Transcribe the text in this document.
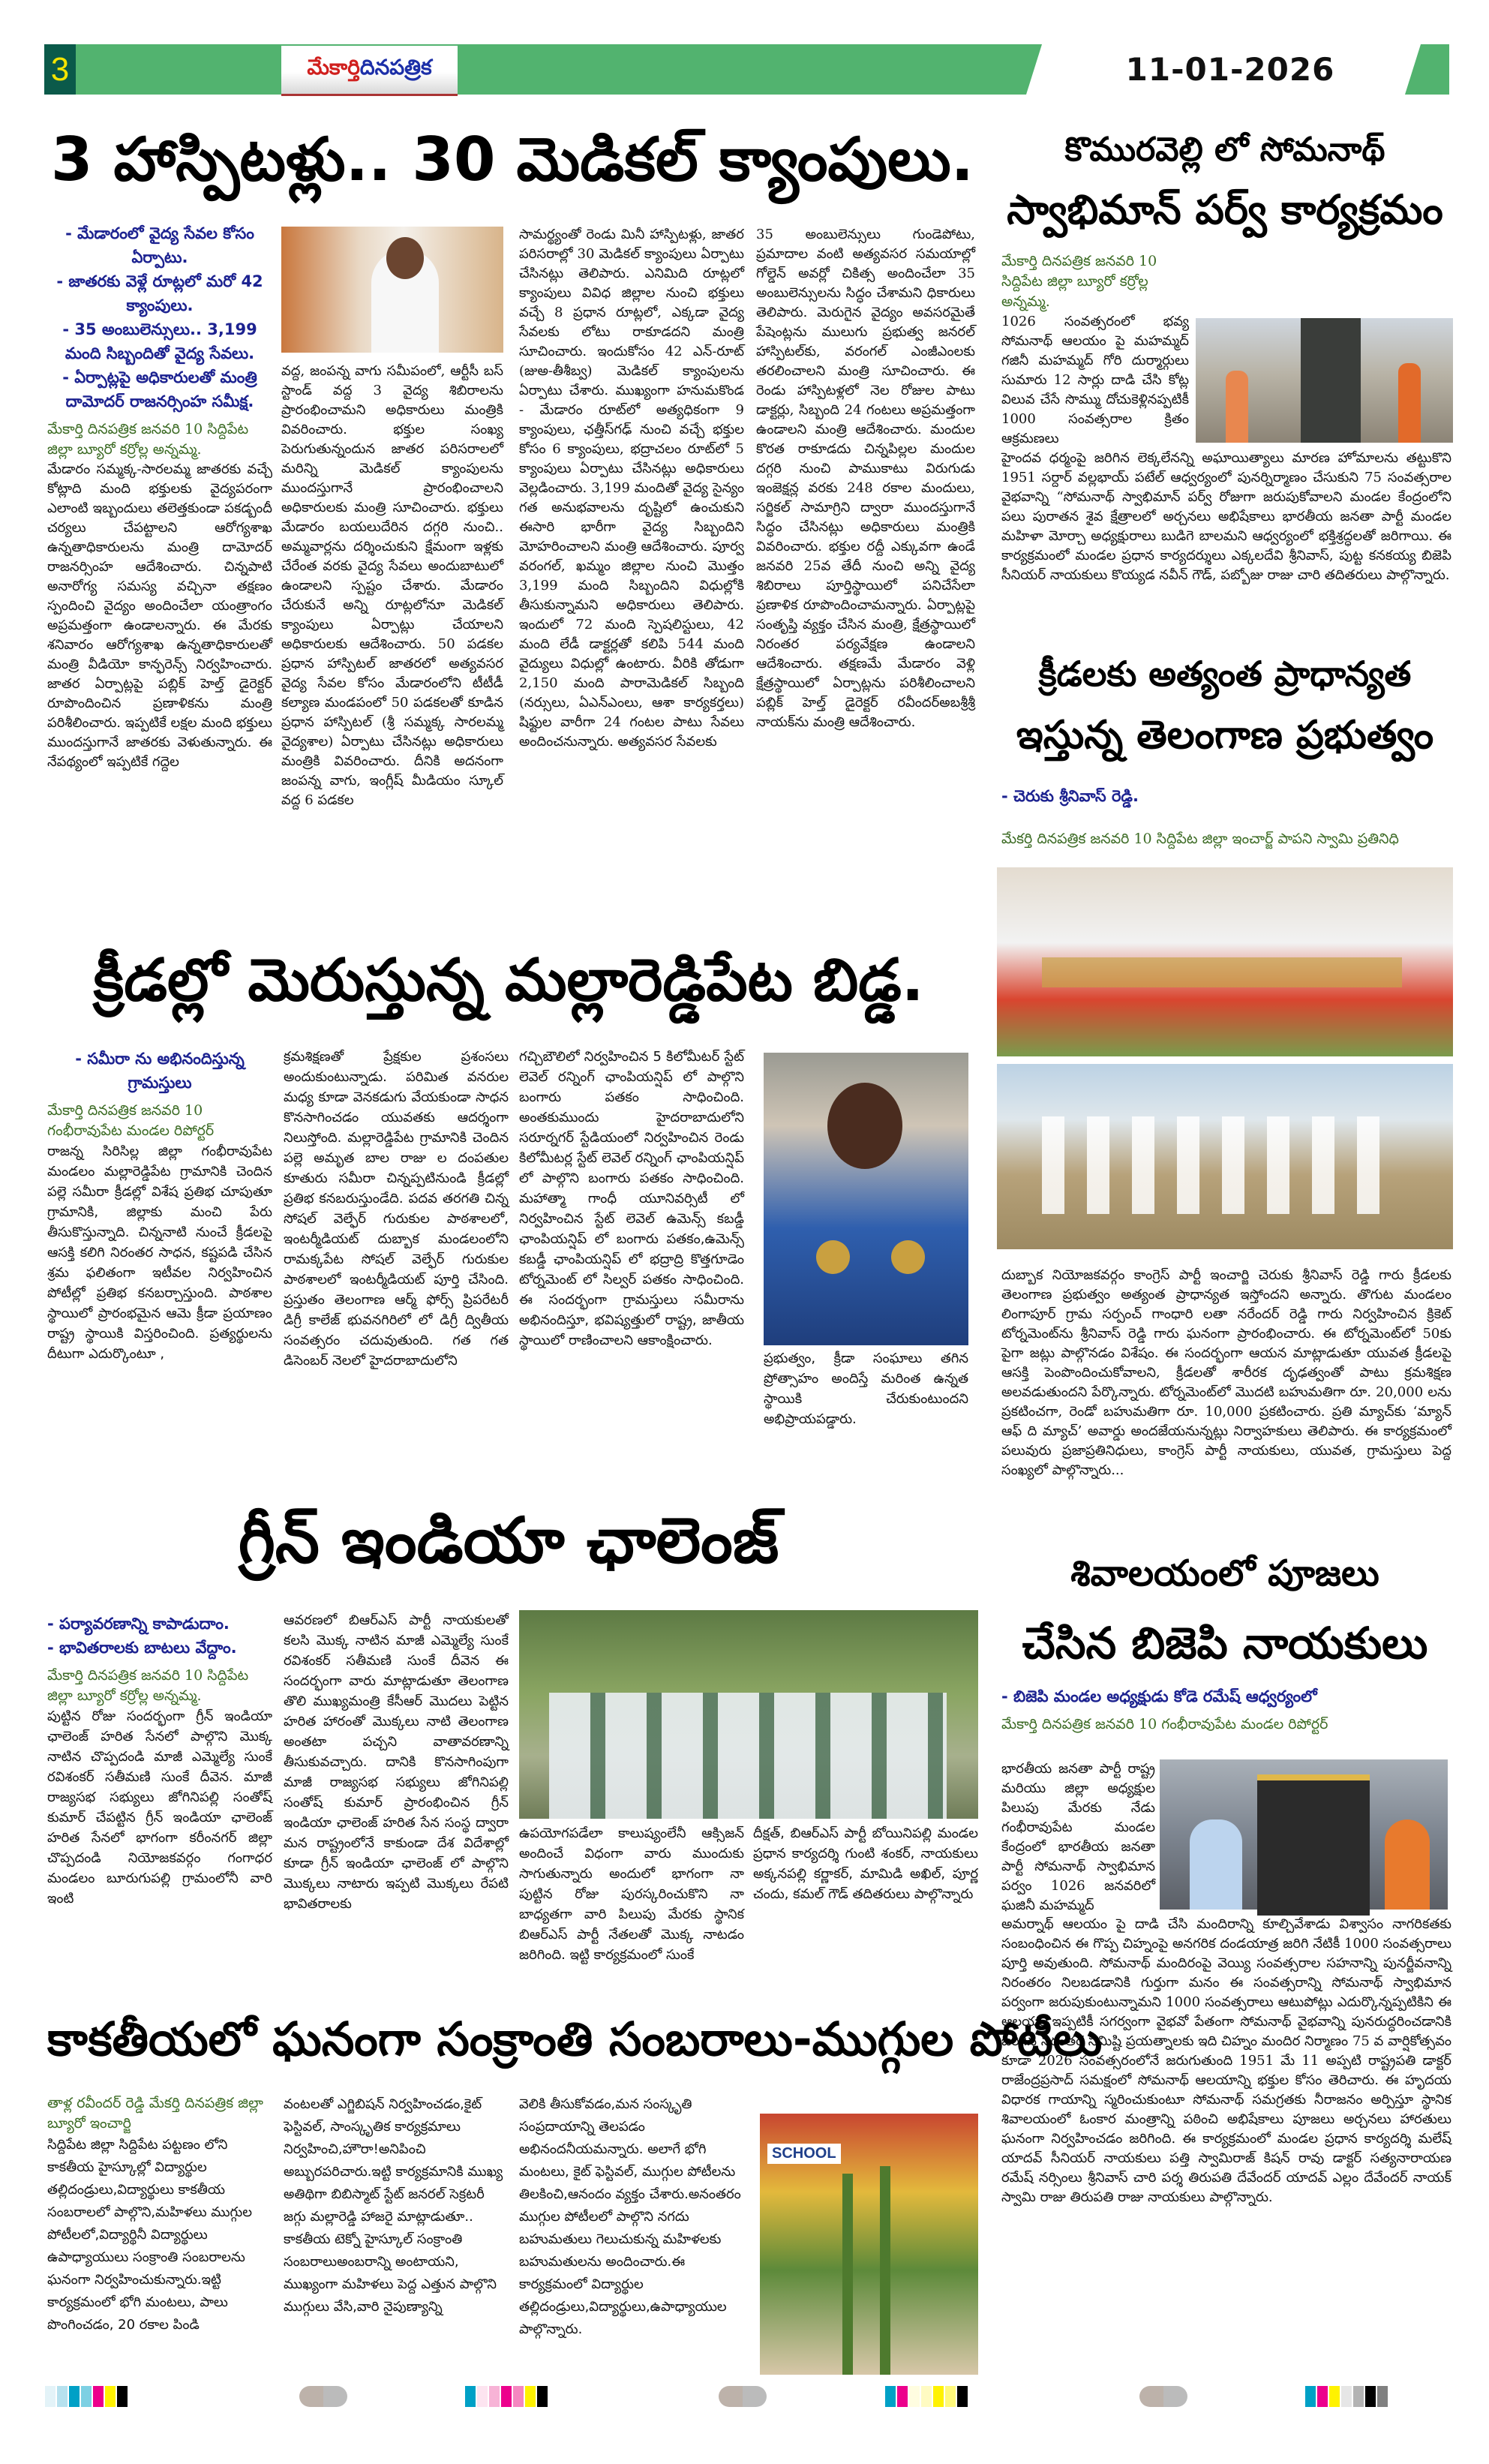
3	మేకార్తి దినపత్రిక	11-01-2026
3 హాస్పిటళ్లు.. 30 మెడికల్ క్యాంపులు.
- మేడారంలో వైద్య సేవల కోసం ఏర్పాటు.
- జాతరకు వెళ్లే రూట్లలో మరో 42 క్యాంపులు.
- 35 అంబులెన్సులు.. 3,199 మంది సిబ్బందితో వైద్య సేవలు.
- ఏర్పాట్లపై అధికారులతో మంత్రి దామోదర్ రాజనర్సింహ సమీక్ష.
మేకార్తి దినపత్రిక జనవరి 10 సిద్దిపేట జిల్లా బ్యూరో కర్రోల్ల అన్నమ్మ.
మేడారం సమ్మక్క-సారలమ్మ జాతరకు వచ్చే కోట్లాది మంది భక్తులకు వైద్యపరంగా ఎలాంటి ఇబ్బందులు తలెత్తకుండా పకడ్బందీ చర్యలు చేపట్టాలని ఆరోగ్యశాఖ ఉన్నతాధికారులను మంత్రి దామోదర్ రాజనర్సింహ ఆదేశించారు. చిన్నపాటి అనారోగ్య సమస్య వచ్చినా తక్షణం స్పందించి వైద్యం అందించేలా యంత్రాంగం అప్రమత్తంగా ఉండాలన్నారు. ఈ మేరకు శనివారం ఆరోగ్యశాఖ ఉన్నతాధికారులతో మంత్రి వీడియో కాన్ఫరెన్స్ నిర్వహించారు. జాతర ఏర్పాట్లపై పబ్లిక్ హెల్త్ డైరెక్టర్ రూపొందించిన ప్రణాళికను మంత్రి పరిశీలించారు. ఇప్పటికే లక్షల మంది భక్తులు ముందస్తుగానే జాతరకు వెళుతున్నారు. ఈ నేపథ్యంలో ఇప్పటికే గద్దెల
వద్ద, జంపన్న వాగు సమీపంలో, ఆర్టీసీ బస్ స్టాండ్ వద్ద 3 వైద్య శిబిరాలను ప్రారంభించామని అధికారులు మంత్రికి వివరించారు. భక్తుల సంఖ్య పెరుగుతున్నందున జాతర పరిసరాలలో మరిన్ని మెడికల్ క్యాంపులను ముందస్తుగానే ప్రారంభించాలని అధికారులకు మంత్రి సూచించారు. భక్తులు మేడారం బయలుదేరిన దగ్గరి నుంచి.. అమ్మవార్లను దర్శించుకుని క్షేమంగా ఇళ్లకు చేరేంత వరకు వైద్య సేవలు అందుబాటులో ఉండాలని స్పష్టం చేశారు. మేడారం చేరుకునే అన్ని రూట్లలోనూ మెడికల్ క్యాంపులు ఏర్పాట్లు చేయాలని అధికారులకు ఆదేశించారు. 50 పడకల ప్రధాన హాస్పిటల్ జాతరలో అత్యవసర వైద్య సేవల కోసం మేడారంలోని టీటీడీ కల్యాణ మండపంలో 50 పడకలతో కూడిన ప్రధాన హాస్పిటల్ (శ్రీ సమ్మక్క సారలమ్మ వైద్యశాల) ఏర్పాటు చేసినట్లు అధికారులు మంత్రికి వివరించారు. దీనికి అదనంగా జంపన్న వాగు, ఇంగ్లీష్ మీడియం స్కూల్ వద్ద 6 పడకల
సామర్థ్యంతో రెండు మినీ హాస్పిటళ్లు, జాతర పరిసరాల్లో 30 మెడికల్ క్యాంపులు ఏర్పాటు చేసినట్లు తెలిపారు. ఎనిమిది రూట్లలో క్యాంపులు వివిధ జిల్లాల నుంచి భక్తులు వచ్చే 8 ప్రధాన రూట్లలో, ఎక్కడా వైద్య సేవలకు లోటు రాకూడదని మంత్రి సూచించారు. ఇందుకోసం 42 ఎన్-రూట్ (జుఅ-తీశీబ్వ) మెడికల్ క్యాంపులను ఏర్పాటు చేశారు. ముఖ్యంగా హనుమకొండ - మేడారం రూట్‌లో అత్యధికంగా 9 క్యాంపులు, ఛత్తీస్‌గఢ్ నుంచి వచ్చే భక్తుల కోసం 6 క్యాంపులు, భద్రాచలం రూట్‌లో 5 క్యాంపులు ఏర్పాటు చేసినట్లు అధికారులు వెల్లడించారు. 3,199 మందితో వైద్య సైన్యం గత అనుభవాలను దృష్టిలో ఉంచుకుని ఈసారి భారీగా వైద్య సిబ్బందిని మోహరించాలని మంత్రి ఆదేశించారు. పూర్వ వరంగల్, ఖమ్మం జిల్లాల నుంచి మొత్తం 3,199 మంది సిబ్బందిని విధుల్లోకి తీసుకున్నామని అధికారులు తెలిపారు. ఇందులో 72 మంది స్పెషలిస్టులు, 42 మంది లేడీ డాక్టర్లతో కలిపి 544 మంది వైద్యులు విధుల్లో ఉంటారు. వీరికి తోడుగా 2,150 మంది పారామెడికల్ సిబ్బంది (నర్సులు, ఏఎన్ఎంలు, ఆశా కార్యకర్తలు) షిఫ్టుల వారీగా 24 గంటల పాటు సేవలు అందించనున్నారు. అత్యవసర సేవలకు
35 అంబులెన్సులు గుండెపోటు, ప్రమాదాల వంటి అత్యవసర సమయాల్లో గోల్డెన్ అవర్లో చికిత్స అందించేలా 35 అంబులెన్సులను సిద్ధం చేశామని ధికారులు తెలిపారు. మెరుగైన వైద్యం అవసరమైతే పేషెంట్లను ములుగు ప్రభుత్వ జనరల్ హాస్పిటల్‌కు, వరంగల్ ఎంజీఎంలకు తరలించాలని మంత్రి సూచించారు. ఈ రెండు హాస్పిటళ్లలో నెల రోజుల పాటు డాక్టర్లు, సిబ్బంది 24 గంటలు అప్రమత్తంగా ఉండాలని మంత్రి ఆదేశించారు. మందుల కొరత రాకూడదు చిన్నపిల్లల మందుల దగ్గరి నుంచి పాముకాటు విరుగుడు ఇంజెక్షన్ల వరకు 248 రకాల మందులు, సర్జికల్ సామాగ్రిని ద్వారా ముందస్తుగానే సిద్ధం చేసినట్లు అధికారులు మంత్రికి వివరించారు. భక్తుల రద్దీ ఎక్కువగా ఉండే జనవరి 25వ తేదీ నుంచి అన్ని వైద్య శిబిరాలు పూర్తిస్థాయిలో పనిచేసేలా ప్రణాళిక రూపొందించామన్నారు. ఏర్పాట్లపై సంతృప్తి వ్యక్తం చేసిన మంత్రి, క్షేత్రస్థాయిలో నిరంతర పర్యవేక్షణ ఉండాలని ఆదేశించారు. తక్షణమే మేడారం వెళ్లి క్షేత్రస్థాయిలో ఏర్పాట్లను పరిశీలించాలని పబ్లిక్ హెల్త్ డైరెక్టర్ రవీందర్అబశ్రీశ్రీ నాయక్‌ను మంత్రి ఆదేశించారు.
కొమురవెల్లి లో సోమనాథ్
స్వాభిమాన్ పర్వ్ కార్యక్రమం
మేకార్తి దినపత్రిక జనవరి 10 సిద్దిపేట జిల్లా బ్యూరో కర్రోల్ల అన్నమ్మ.
1026 సంవత్సరంలో భవ్య సోమనాథ్ ఆలయం పై మహమ్మద్ గజినీ మహమ్మద్ గోరి దుర్మార్గులు సుమారు 12 సార్లు దాడి చేసి కోట్ల విలువ చేసే సొమ్ము దోచుకెళ్లినప్పటికీ 1000 సంవత్సరాల క్రితం ఆక్రమణలు
హైందవ ధర్మంపై జరిగిన లెక్కలేనన్ని అఘాయిత్యాలు మారణ హోమాలను తట్టుకొని 1951 సర్దార్ వల్లభాయ్ పటేల్ ఆధ్వర్యంలో పునర్నిర్మాణం చేసుకుని 75 సంవత్సరాల వైభవాన్ని “సోమనాథ్ స్వాభిమాన్ పర్వ్ రోజుగా జరుపుకోవాలని మండల కేంద్రంలోని పలు పురాతన శైవ క్షేత్రాలలో అర్చనలు అభిషేకాలు భారతీయ జనతా పార్టీ మండల మహిళా మోర్చా అధ్యక్షురాలు బుడిగె బాలమని ఆధ్వర్యంలో భక్తిశ్రద్ధలతో జరిగాయి. ఈ కార్యక్రమంలో మండల ప్రధాన కార్యదర్శులు ఎక్కలదేవి శ్రీనివాస్, పుట్ట కనకయ్య బిజెపి సీనియర్ నాయకులు కొయ్యడ నవీన్ గౌడ్, పబ్బోజు రాజు చారి తదితరులు పాల్గొన్నారు.
క్రీడలకు అత్యంత ప్రాధాన్యత
ఇస్తున్న తెలంగాణ ప్రభుత్వం
- చెరుకు శ్రీనివాస్ రెడ్డి.
మేకర్తి దినపత్రిక జనవరి 10 సిద్దిపేట జిల్లా ఇంచార్జ్ పాపని స్వామి ప్రతినిధి
దుబ్బాక నియోజకవర్గం కాంగ్రెస్ పార్టీ ఇంచార్జి చెరుకు శ్రీనివాస్ రెడ్డి గారు క్రీడలకు తెలంగాణ ప్రభుత్వం అత్యంత ప్రాధాన్యత ఇస్తోందని అన్నారు. తొగుట మండలం లింగాపూర్ గ్రామ సర్పంచ్ గాంధారి లతా నరేందర్ రెడ్డి గారు నిర్వహించిన క్రికెట్ టోర్నమెంట్‌ను శ్రీనివాస్ రెడ్డి గారు ఘనంగా ప్రారంభించారు. ఈ టోర్నమెంట్‌లో 50కు పైగా జట్లు పాల్గొనడం విశేషం. ఈ సందర్భంగా ఆయన మాట్లాడుతూ యువత క్రీడలపై ఆసక్తి పెంపొందించుకోవాలని, క్రీడలతో శారీరక దృఢత్వంతో పాటు క్రమశిక్షణ అలవడుతుందని పేర్కొన్నారు. టోర్నమెంట్‌లో మొదటి బహుమతిగా రూ. 20,000 లను ప్రకటించగా, రెండో బహుమతిగా రూ. 10,000 ప్రకటించారు. ప్రతి మ్యాచ్‌కు ‘మ్యాన్ ఆఫ్ ది మ్యాచ్’ అవార్డు అందజేయనున్నట్లు నిర్వాహకులు తెలిపారు. ఈ కార్యక్రమంలో పలువురు ప్రజాప్రతినిధులు, కాంగ్రెస్ పార్టీ నాయకులు, యువత, గ్రామస్తులు పెద్ద సంఖ్యలో పాల్గొన్నారు...
శివాలయంలో పూజలు
చేసిన బిజెపి నాయకులు
- బిజెపి మండల అధ్యక్షుడు కోడె రమేష్ ఆధ్వర్యంలో
మేకార్తి దినపత్రిక జనవరి 10 గంభీరావుపేట మండల రిపోర్టర్
భారతీయ జనతా పార్టీ రాష్ట్ర మరియు జిల్లా అధ్యక్షుల పిలుపు మేరకు నేడు గంభీరావుపేట మండల కేంద్రంలో భారతీయ జనతా పార్టీ సోమనాథ్ స్వాభిమాన పర్వం 1026 జనవరిలో ఘజినీ మహమ్మద్
అమర్నాథ్ ఆలయం పై దాడి చేసి మందిరాన్ని కూల్చివేశాడు విశ్వాసం నాగరికతకు సంబంధించిన ఈ గొప్ప చిహ్నంపై అనగరిక దండయాత్ర జరిగి నేటికీ 1000 సంవత్సరాలు పూర్తి అవుతుంది. సోమనాథ్ మందిరంపై వెయ్యి సంవత్సరాల సహనాన్ని పునర్జీవనాన్ని నిరంతరం నిలబడడానికి గుర్తుగా మనం ఈ సంవత్సరాన్ని సోమనాథ్ స్వాభిమాన పర్వంగా జరుపుకుంటున్నామని 1000 సంవత్సరాలు ఆటుపోట్లు ఎదుర్కొన్నప్పటికిని ఈ ఆలయం ఇప్పటికీ సగర్వంగా వైభవో పేతంగా సోమనాథ్ వైభవాన్ని పునరుద్ధరించడానికి జరిగిన నిరంతర సమిష్టి ప్రయత్నాలకు ఇది చిహ్నం మందిర నిర్మాణం 75 వ వార్షికోత్సవం కూడా 2026 సంవత్సరంలోనే జరుగుతుంది 1951 మే 11 అప్పటి రాష్ట్రపతి డాక్టర్ రాజేంద్రప్రసాద్ సమక్షంలో సోమనాథ్ ఆలయాన్ని భక్తుల కోసం తెరిచారు. ఈ హృదయ విధారక గాయాన్ని స్మరించుకుంటూ సోమనాథ్ సమగ్రతకు నీరాజనం అర్పిస్తూ స్థానిక శివాలయంలో ఓంకార మంత్రాన్ని పఠించి అభిషేకాలు పూజలు అర్చనలు హారతులు ఘనంగా నిర్వహించడం జరిగింది. ఈ కార్యక్రమంలో మండల ప్రధాన కార్యదర్శి మలేష్ యాదవ్ సీనియర్ నాయకులు పత్తి స్వామిరాజ్ కిషన్ రావు డాక్టర్ సత్యనారాయణ రమేష్ నర్సింలు శ్రీనివాస్ చారి పర్శ తిరుపతి దేవేందర్ యాదవ్ ఎల్లం దేవేందర్ నాయక్ స్వామి రాజు తిరుపతి రాజు నాయకులు పాల్గొన్నారు.
క్రీడల్లో మెరుస్తున్న మల్లారెడ్డిపేట బిడ్డ.
- సమీరా ను అభినందిస్తున్న గ్రామస్తులు
మేకార్తి దినపత్రిక జనవరి 10 గంభీరావుపేట మండల రిపోర్టర్
రాజన్న సిరిసిల్ల జిల్లా గంభీరావుపేట మండలం మల్లారెడ్డిపేట గ్రామానికి చెందిన పల్లె సమీరా క్రీడల్లో విశేష ప్రతిభ చూపుతూ గ్రామానికి, జిల్లాకు మంచి పేరు తీసుకొస్తున్నాది. చిన్ననాటి నుంచే క్రీడలపై ఆసక్తి కలిగి నిరంతర సాధన, కష్టపడి చేసిన శ్రమ ఫలితంగా ఇటీవల నిర్వహించిన పోటీల్లో ప్రతిభ కనబర్చాస్తుంది. పాఠశాల స్థాయిలో ప్రారంభమైన ఆమె క్రీడా ప్రయాణం రాష్ట్ర స్థాయికి విస్తరించింది. ప్రత్యర్థులను దీటుగా ఎదుర్కొంటూ ,
క్రమశిక్షణతో ప్రేక్షకుల ప్రశంసలు అందుకుంటున్నాడు. పరిమిత వనరుల మధ్య కూడా వెనకడుగు వేయకుండా సాధన కొనసాగించడం యువతకు ఆదర్శంగా నిలుస్తోంది. మల్లారెడ్డిపేట గ్రామానికి చెందిన పల్లె అమృత బాల రాజు ల దంపతుల కూతురు సమీరా చిన్నప్పటినుండి క్రీడల్లో ప్రతిభ కనబరుస్తుండేది. పదవ తరగతి చిన్న సోషల్ వెల్ఫేర్ గురుకుల పాఠశాలలో, ఇంటర్మీడియట్ దుబ్బాక మండలంలోని రామక్కపేట సోషల్ వెల్ఫేర్ గురుకుల పాఠశాలలో ఇంటర్మీడియట్ పూర్తి చేసింది. ప్రస్తుతం తెలంగాణ ఆర్మ్ ఫోర్స్ ప్రిపరేటరీ డిగ్రీ కాలేజ్ భువనగిరిలో లో డిగ్రీ ద్వితీయ సంవత్సరం చదువుతుంది. గత గత డిసెంబర్ నెలలో హైదరాబాదులోని
గచ్చిబౌలిలో నిర్వహించిన 5 కిలోమీటర్ స్టేట్ లెవెల్ రన్నింగ్ ఛాంపియన్షిప్ లో పాల్గొని బంగారు పతకం సాధించింది. అంతకుముందు హైదరాబాదులోని సరూర్నగర్ స్టేడియంలో నిర్వహించిన రెండు కిలోమీటర్ల స్టేట్ లెవెల్ రన్నింగ్ ఛాంపియన్షిప్ లో పాల్గొని బంగారు పతకం సాధించింది. మహాత్మా గాంధీ యూనివర్సిటీ లో నిర్వహించిన స్టేట్ లెవెల్ ఉమెన్స్ కబడ్డీ ఛాంపియన్షిప్ లో బంగారు పతకం,ఉమెన్స్ కబడ్డీ ఛాంపియన్షిప్ లో భద్రాద్రి కొత్తగూడెం టోర్నమెంట్ లో సిల్వర్ పతకం సాధించింది. ఈ సందర్భంగా గ్రామస్తులు సమీరాను అభినందిస్తూ, భవిష్యత్తులో రాష్ట్ర, జాతీయ స్థాయిలో రాణించాలని ఆకాంక్షించారు.
ప్రభుత్వం, క్రీడా సంఘాలు తగిన ప్రోత్సాహం అందిస్తే మరింత ఉన్నత స్థాయికి చేరుకుంటుందని అభిప్రాయపడ్డారు.
గ్రీన్ ఇండియా ఛాలెంజ్
- పర్యావరణాన్ని కాపాడుదాం.
- భావితరాలకు బాటలు వేద్దాం.
మేకార్తి దినపత్రిక జనవరి 10 సిద్దిపేట జిల్లా బ్యూరో కర్రోల్ల అన్నమ్మ.
పుట్టిన రోజు సందర్భంగా గ్రీన్ ఇండియా ఛాలెంజ్ హరిత సేనలో పాల్గొని మొక్క నాటిన చొప్పదండి మాజీ ఎమ్మెల్యే సుంకే రవిశంకర్ సతీమణి సుంకే దీవెన. మాజీ రాజ్యసభ సభ్యులు జోగినిపల్లి సంతోష్ కుమార్ చేపట్టిన గ్రీన్ ఇండియా ఛాలెంజ్ హరిత సేనలో భాగంగా కరీంనగర్ జిల్లా చొప్పదండి నియోజకవర్గం గంగాధర మండలం బూరుగుపల్లి గ్రామంలోనీ వారి ఇంటి
ఆవరణలో బిఆర్ఎస్ పార్టీ నాయకులతో కలసి మొక్క నాటిన మాజీ ఎమ్మెల్యే సుంకే రవిశంకర్ సతీమణి సుంకే దీవెన ఈ సందర్భంగా వారు మాట్లాడుతూ తెలంగాణ తొలి ముఖ్యమంత్రి కేసీఆర్ మొదలు పెట్టిన హరిత హారంతో మొక్కలు నాటి తెలంగాణ అంతటా పచ్చని వాతావరణాన్ని తీసుకువచ్చారు. దానికి కొనసాగింపుగా మాజీ రాజ్యసభ సభ్యులు జోగినిపల్లి సంతోష్ కుమార్ ప్రారంభించిన గ్రీన్ ఇండియా ఛాలెంజ్ హరిత సేన సంస్థ ద్వారా మన రాష్ట్రంలోనే కాకుండా దేశ విదేశాల్లో కూడా గ్రీన్ ఇండియా ఛాలెంజ్ లో పాల్గొని మొక్కలు నాటారు ఇప్పటి మొక్కలు రేపటి భావితరాలకు
ఉపయోగపడేలా కాలుష్యంలేనీ ఆక్సిజన్ అందించే విధంగా వారు ముందుకు సాగుతున్నారు అందులో భాగంగా నా పుట్టిన రోజు పురస్కరించుకొని నా బాధ్యతగా వారి పిలుపు మేరకు స్థానిక బిఆర్ఎస్ పార్టీ నేతలతో మొక్క నాటడం జరిగింది. ఇట్టి కార్యక్రమంలో సుంకే
దీక్షత్, బిఆర్ఎస్ పార్టీ బోయినిపల్లి మండల ప్రధాన కార్యదర్శి గుంటి శంకర్, నాయకులు అక్కనపల్లి కర్ణాకర్, మామిడి అఖిల్, పూర్ణ చందు, కమల్ గౌడ్ తదితరులు పాల్గొన్నారు
కాకతీయలో ఘనంగా సంక్రాంతి సంబరాలు-ముగ్గుల పోటీలు
తాళ్ల రవీందర్ రెడ్డి మేకర్తి దినపత్రిక జిల్లా బ్యూరో ఇంచార్జి
సిద్దిపేట జిల్లా సిద్దిపేట పట్టణం లోని కాకతీయ హైస్కూల్లో విద్యార్థుల తల్లిదండ్రులు,విద్యార్థులు కాకతీయ సంబరాలలో పాల్గొని,మహిళలు ముగ్గుల పోటీలలో,విద్యార్థినీ విద్యార్థులు ఉపాధ్యాయులు సంక్రాంతి సంబరాలను ఘనంగా నిర్వహించుకున్నారు.ఇట్టి కార్యక్రమంలో భోగి మంటలు, పాలు పొంగించడం, 20 రకాల పిండి
వంటలతో ఎగ్జిబిషన్ నిర్వహించడం,కైట్ ఫెస్టివల్, సాంస్కృతిక కార్యక్రమాలు నిర్వహించి,హౌరా!అనిపించి అబ్బురపరిచారు.ఇట్టి కార్యక్రమానికి ముఖ్య అతిథిగా బిబిస్మాట్ స్టేట్ జనరల్ సెక్రటరీ జగ్గు మల్లారెడ్డి హాజరై మాట్లాడుతూ.. కాకతీయ టెక్నో హైస్కూల్ సంక్రాంతి సంబరాలుఅంబరాన్ని అంటాయని, ముఖ్యంగా మహిళలు పెద్ద ఎత్తున పాల్గొని ముగ్గులు వేసి,వారి నైపుణ్యాన్ని
వెలికి తీసుకోవడం,మన సంస్కృతి సంప్రదాయాన్ని తెలపడం అభినందనీయమన్నారు. అలాగే భోగి మంటలు, కైట్ ఫెస్టివల్, ముగ్గుల పోటీలను తిలకించి,ఆనందం వ్యక్తం చేశారు.అనంతరం ముగ్గుల పోటీలలో పాల్గొని నగదు బహుమతులు గెలుచుకున్న మహిళలకు బహుమతులను అందించారు.ఈ కార్యక్రమంలో విద్యార్థుల తల్లిదండ్రులు,విద్యార్థులు,ఉపాధ్యాయుల పాల్గొన్నారు.
SCHOOL
